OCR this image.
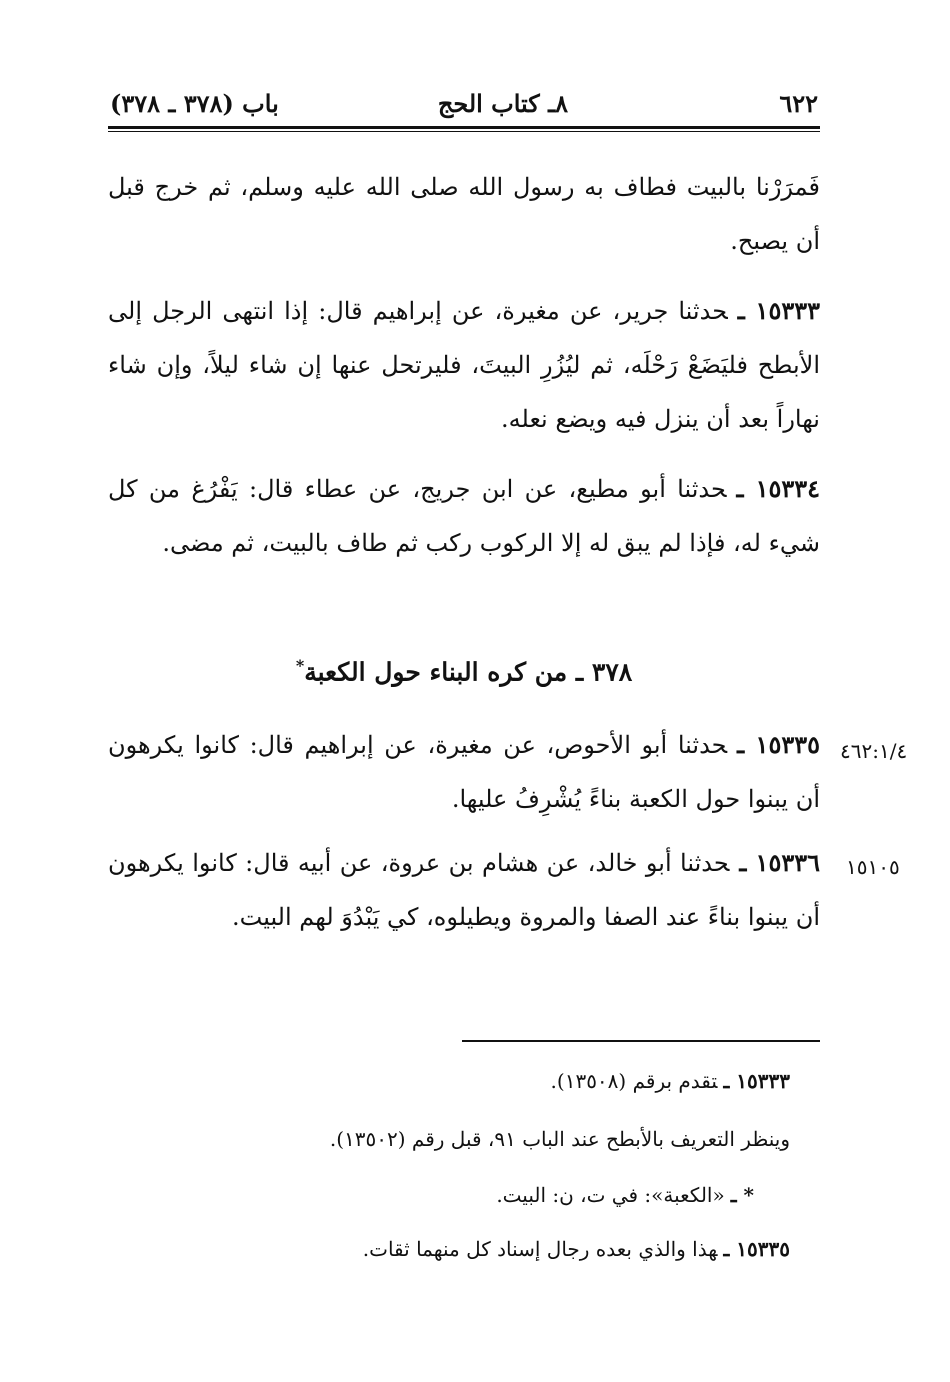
٦٢٢
٨ـ كتاب الحج
باب (٣٧٨ ـ ٣٧٨)

فَمرَرْنا بالبيت فطاف به رسول الله صلى الله عليه وسلم، ثم خرج قبل أن يصبح.

١٥٣٣٣ ـحدثنا جرير، عن مغيرة، عن إبراهيم قال: إذا انتهى الرجل إلى الأبطح فليَضَعْ رَحْلَه، ثم ليُزُرِ البيتَ، فليرتحل عنها إن شاء ليلاً، وإن شاء نهاراً بعد أن ينزل فيه ويضع نعله.

١٥٣٣٤ ـحدثنا أبو مطيع، عن ابن جريج، عن عطاء قال: يَفْرُغ من كل شيء له، فإذا لم يبق له إلا الركوب ركب ثم طاف بالبيت، ثم مضى.

٣٧٨ ـ من كره البناء حول الكعبة*
٤٦٢:١/٤

١٥٣٣٥ ـحدثنا أبو الأحوص، عن مغيرة، عن إبراهيم قال: كانوا يكرهون أن يبنوا حول الكعبة بناءً يُشْرِفُ عليها.

١٥١٠٥

١٥٣٣٦ ـحدثنا أبو خالد، عن هشام بن عروة، عن أبيه قال: كانوا يكرهون أن يبنوا بناءً عند الصفا والمروة ويطيلوه، كي يَبْدُوَ لهم البيت.

١٥٣٣٣ ـتقدم برقم (١٣٥٠٨).

وينظر التعريف بالأبطح عند الباب ٩١، قبل رقم (١٣٥٠٢).

* ـ«الكعبة»: في ت، ن: البيت.

١٥٣٣٥ ـهذا والذي بعده رجال إسناد كل منهما ثقات.
